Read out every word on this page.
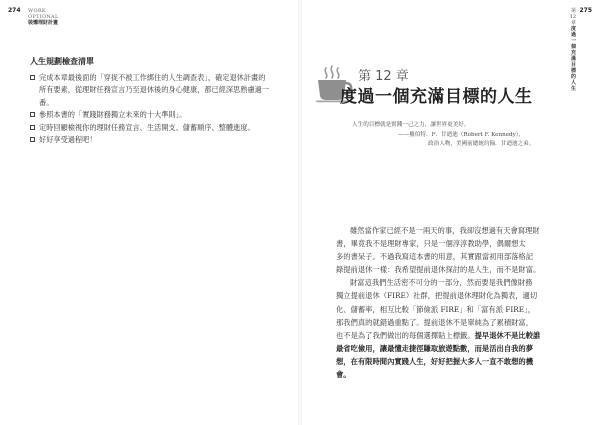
274 WORK OPTIONAL
裝懶理財計畫
第 12 章
度過一個充滿目標的人生
275
人生規劃檢查清單
完成本章最後面的「穿捉不被工作綁住的人生調查表」，確定退休計畫的所有要素，從理財任務宣言乃至退休後的身心健康，都已經深思熟慮過一番。
參照本書的「實踐財務獨立未來的十大準則」。
定時回顧檢視你的理財任務宣言、生活開支、儲蓄順序、整體進度。
好好享受過程吧！
第 12 章
度過一個充滿目標的人生
人生的目標就是實踐一己之力，讓世界更美好。
——羅伯特．F．甘迺迪（Robert F. Kennedy），
政治人物，美國前總統約翰．甘迺迪之弟。
雖然當作家已經不是一兩天的事，我卻沒想過有天會寫理財
書，畢竟我不是理財專家，只是一個淳淳教助學，偶爾想太
多的書呆子。不過我寫這本書的用意，其實跟當初用部落格記
錄提前退休一樣：我希望提前退休探討的是人生，而不是財富。
財富這我們生活密不可分的一部分，然而要是我們像財務
獨立提前退休（FIRE）社群，把提前退休理財化為獨表，適切
化、儲蓄率，相互比較「節儉派 FIRE」和「富有派 FIRE」，
那我們真的就錯過重點了。提前退休不是單純為了累積財富，
也不是為了我們做出的每個選擇貼上標籤。提早退休不是比較誰
最省吃儉用，讓最懂走捷徑賺取旅遊點數，而是活出自我的夢
想，在有限時間內實踐人生，好好把握大多人一直不敢想的機
會。
